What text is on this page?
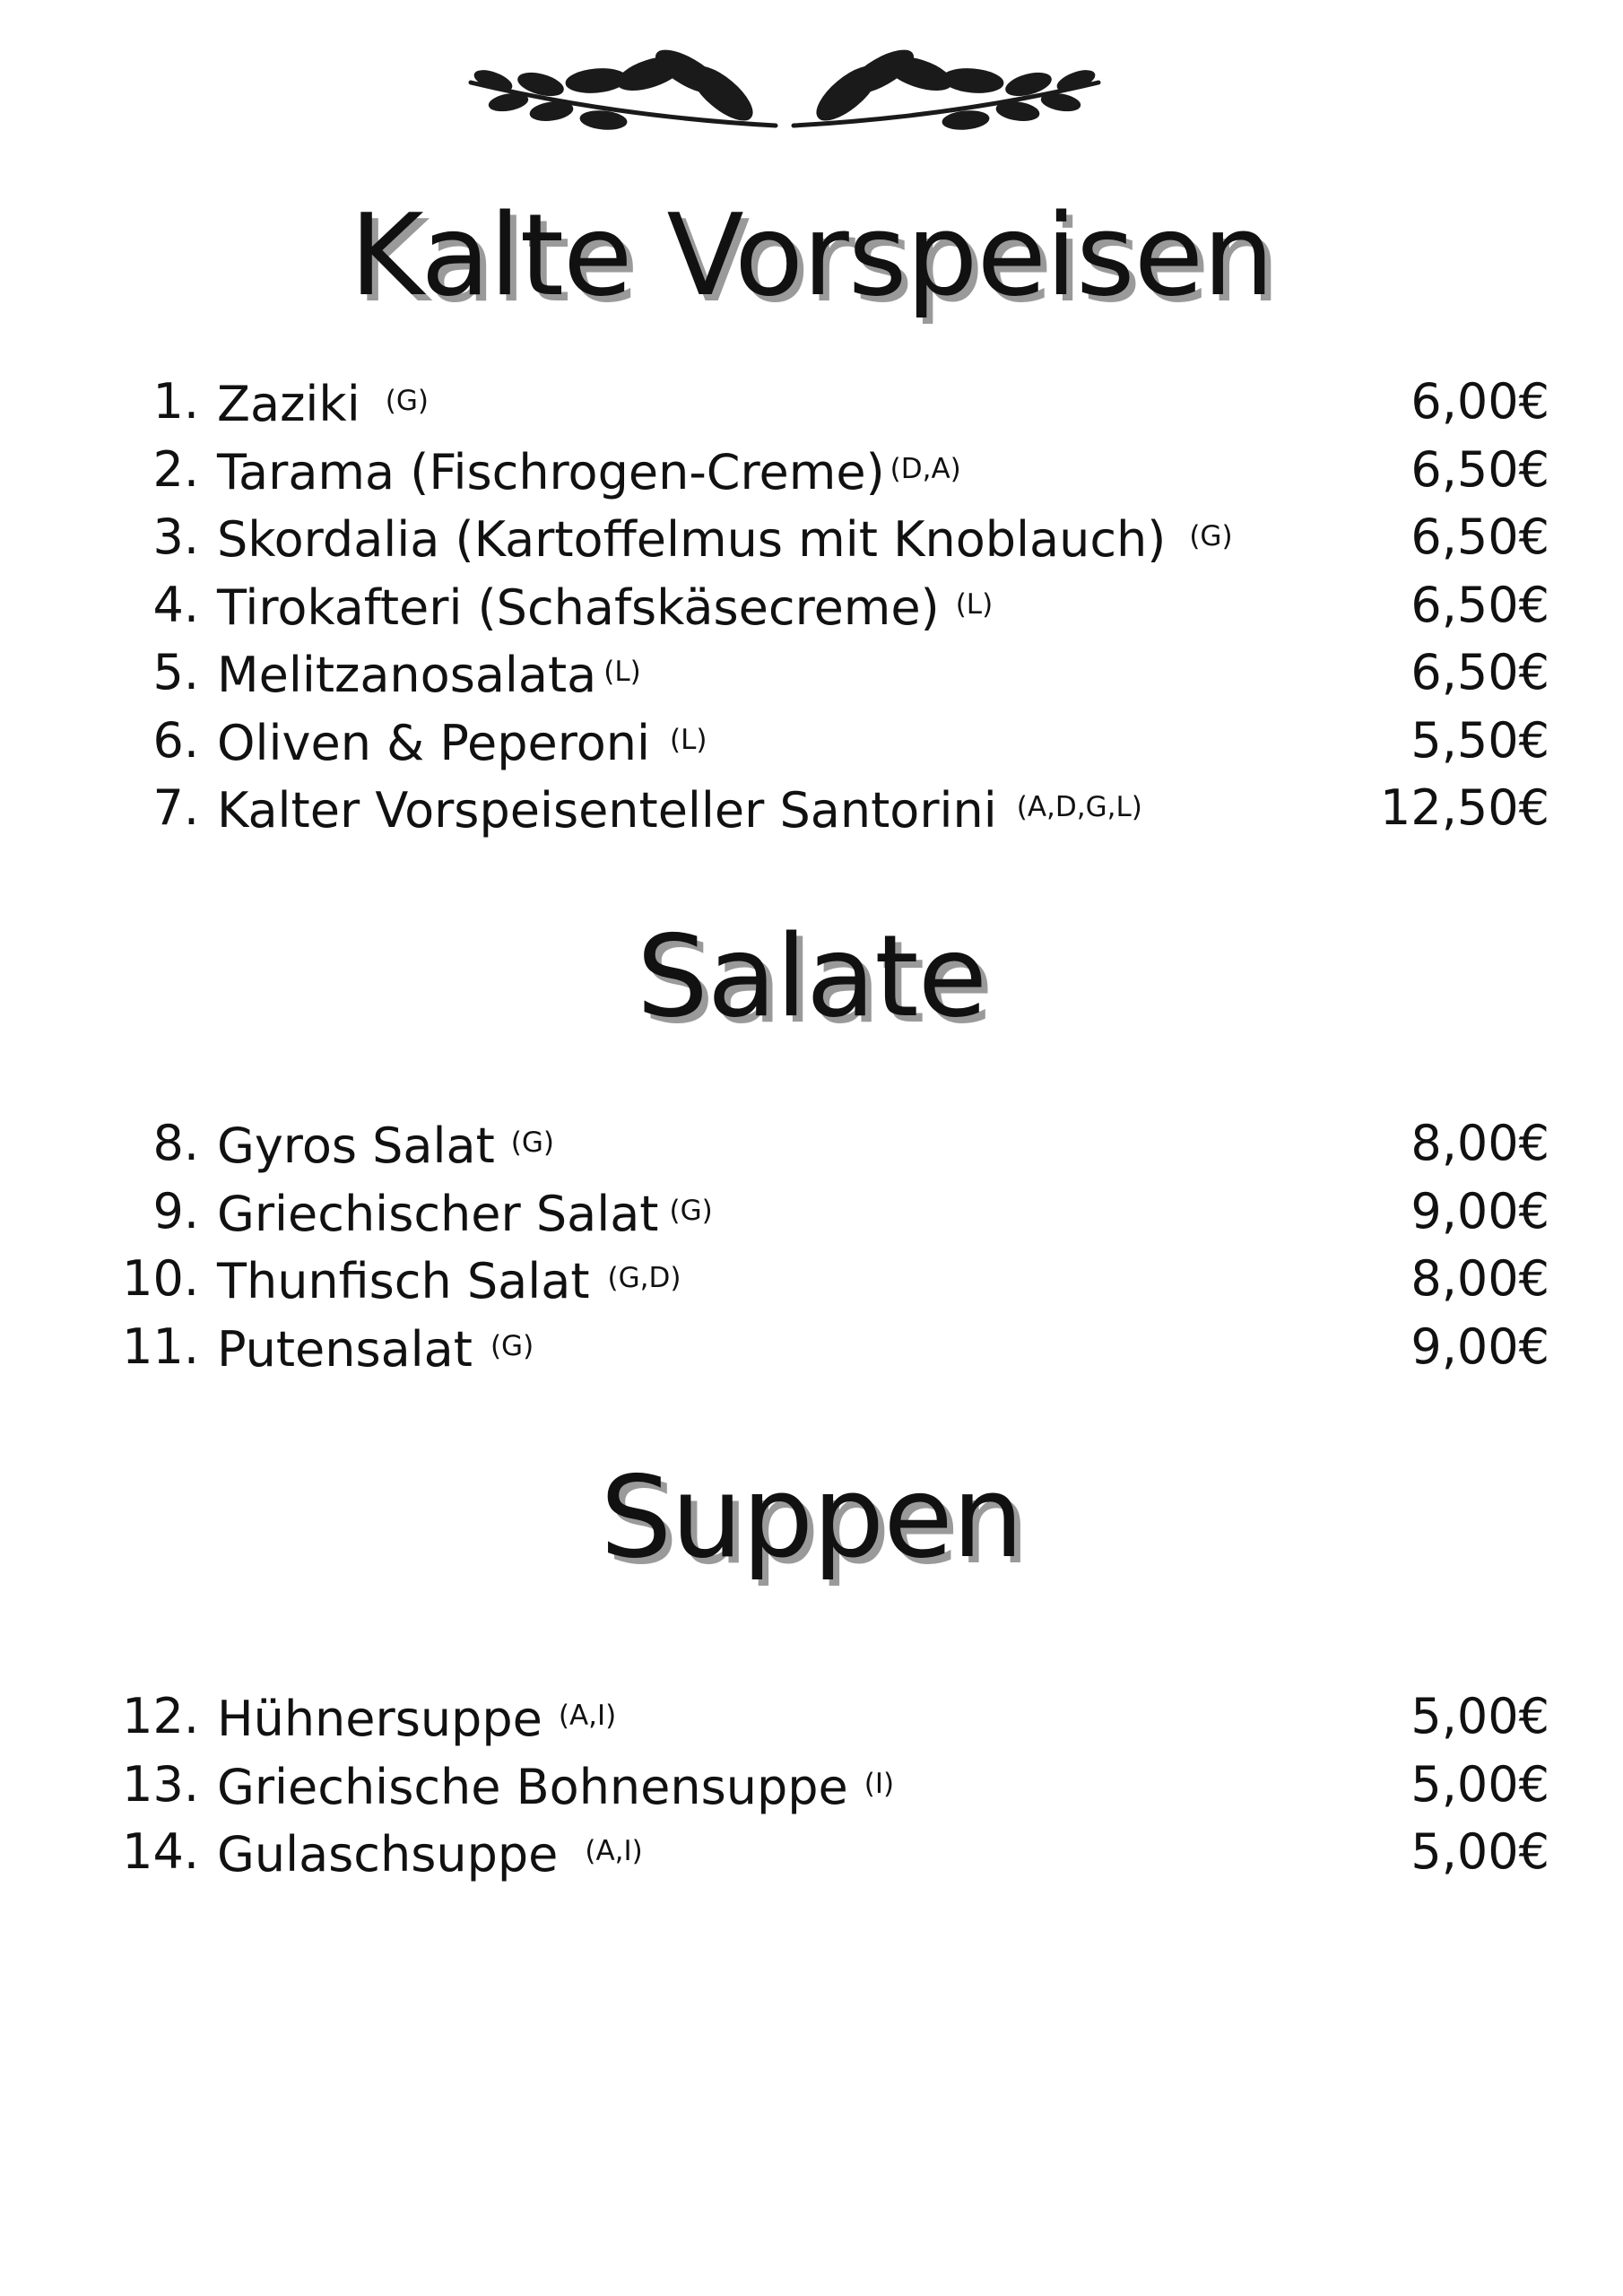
Kalte Vorspeisen
1. Zaziki $^{(G)}$	6,00€
2. Tarama (Fischrogen-Creme) $^{(D,A)}$	6,50€
3. Skordalia (Kartoffelmus mit Knoblauch) $^{(G)}$	6,50€
4. Tirokafteri (Schafskäsecreme) $^{(L)}$	6,50€
5. Melitzanosalata $^{(L)}$	6,50€
6. Oliven & Peperoni $^{(L)}$	5,50€
7. Kalter Vorspeisenteller Santorini $^{(A,D,G,L)}$	12,50€
Salate
8. Gyros Salat $^{(G)}$	8,00€
9. Griechischer Salat $^{(G)}$	9,00€
10. Thunfisch Salat $^{(G,D)}$	8,00€
11. Putensalat $^{(G)}$	9,00€
Suppen
12. Hühnersuppe $^{(A,I)}$	5,00€
13. Griechische Bohnensuppe $^{(I)}$	5,00€
14. Gulaschsuppe $^{(A,I)}$	5,00€
